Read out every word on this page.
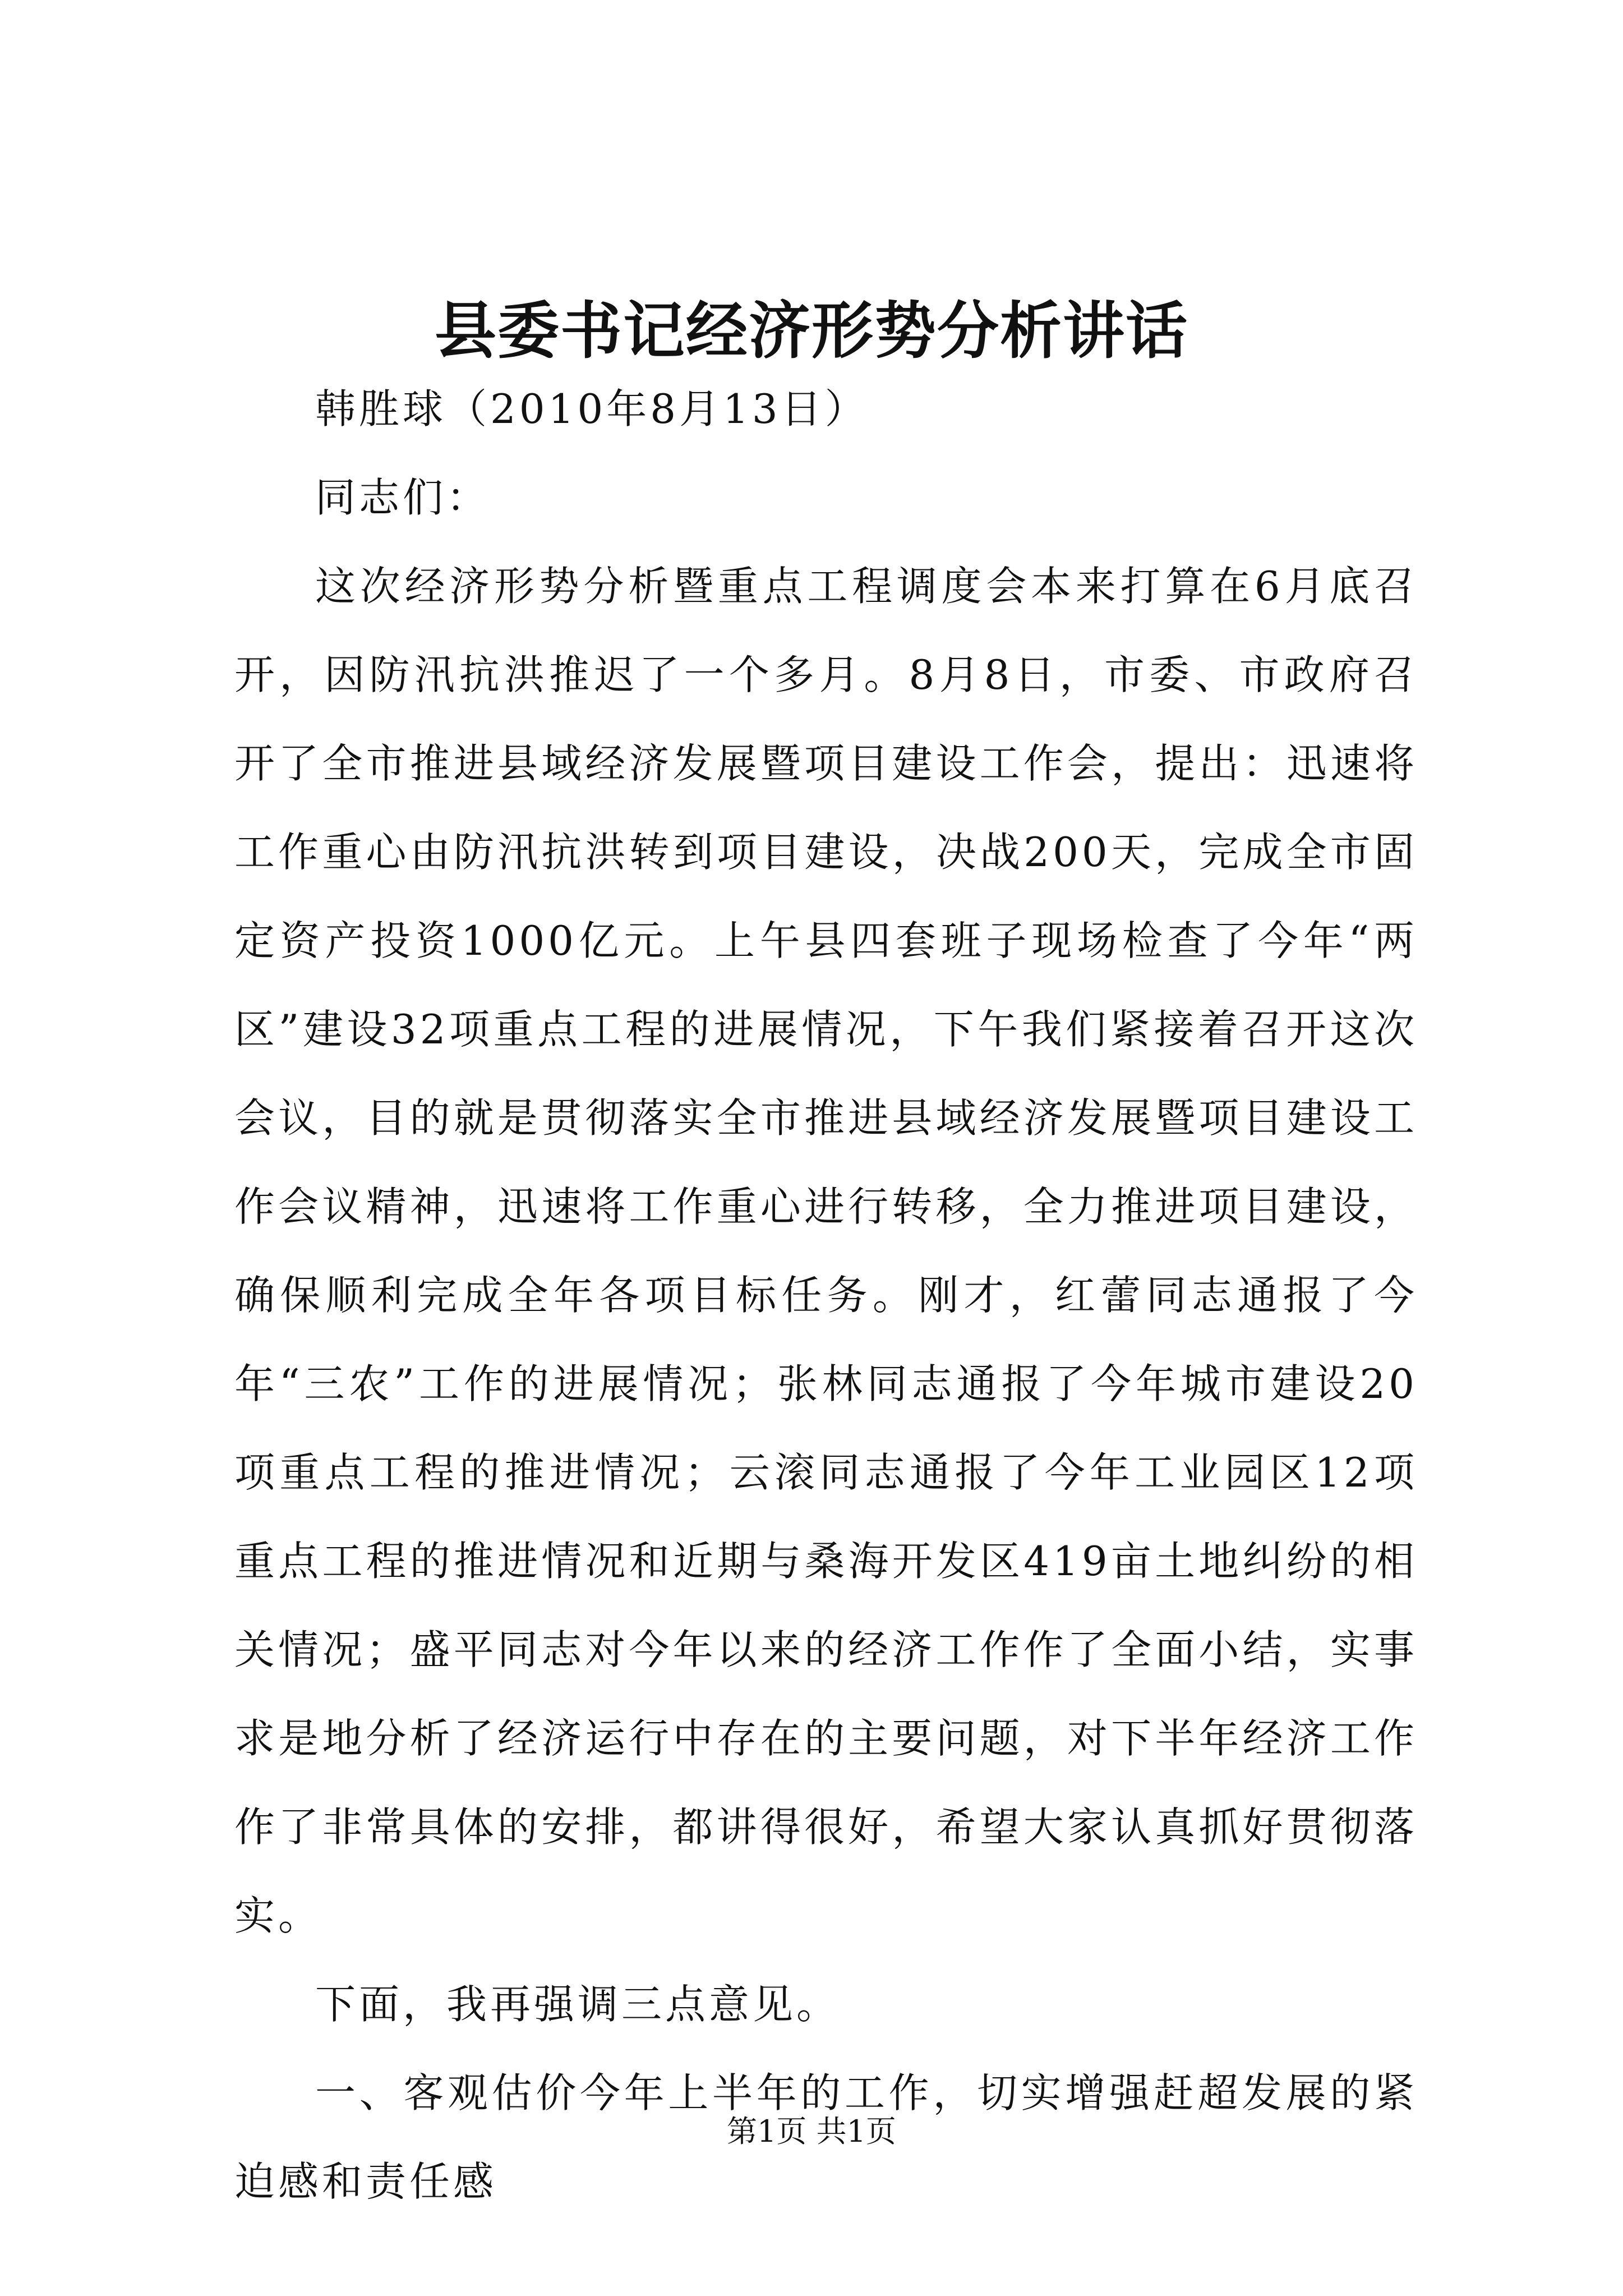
县委书记经济形势分析讲话

韩胜球（2010年8月13日）

同志们：

这次经济形势分析暨重点工程调度会本来打算在6月底召开，因防汛抗洪推迟了一个多月。8月8日，市委、市政府召开了全市推进县域经济发展暨项目建设工作会，提出：迅速将工作重心由防汛抗洪转到项目建设，决战200天，完成全市固定资产投资1000亿元。上午县四套班子现场检查了今年“两区”建设32项重点工程的进展情况，下午我们紧接着召开这次会议，目的就是贯彻落实全市推进县域经济发展暨项目建设工作会议精神，迅速将工作重心进行转移，全力推进项目建设，确保顺利完成全年各项目标任务。刚才，红蕾同志通报了今年“三农”工作的进展情况；张林同志通报了今年城市建设20项重点工程的推进情况；云滚同志通报了今年工业园区12项重点工程的推进情况和近期与桑海开发区419亩土地纠纷的相关情况；盛平同志对今年以来的经济工作作了全面小结，实事求是地分析了经济运行中存在的主要问题，对下半年经济工作作了非常具体的安排，都讲得很好，希望大家认真抓好贯彻落实。

下面，我再强调三点意见。

一、客观估价今年上半年的工作，切实增强赶超发展的紧迫感和责任感

第1页 共1页
